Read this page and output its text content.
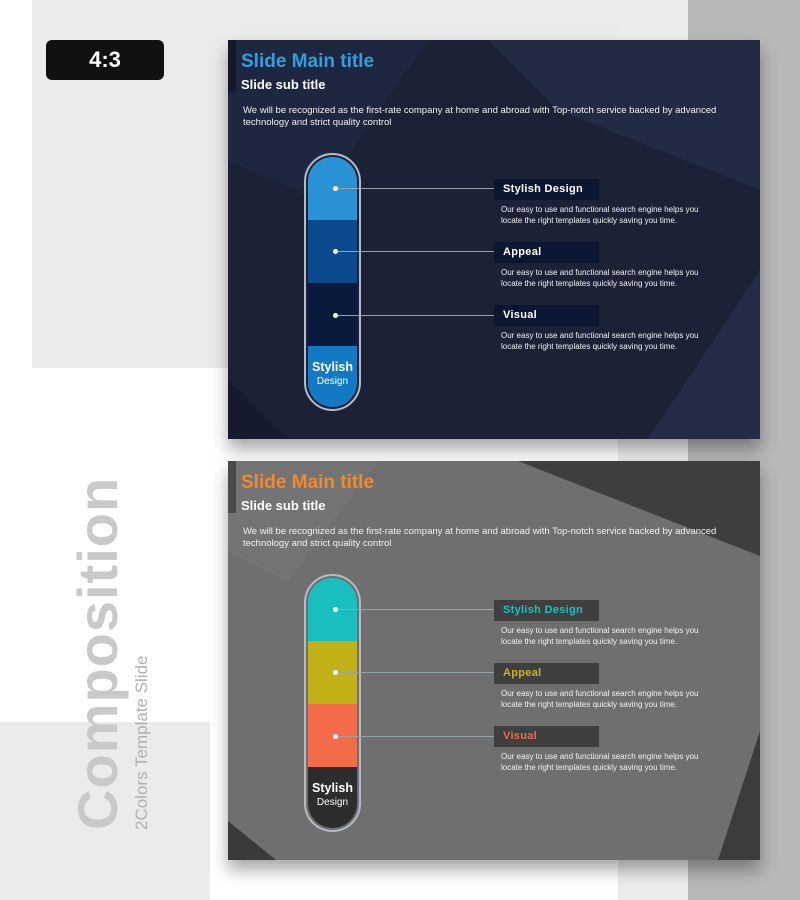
4:3
Composition 2Colors Template Slide
Slide Main title
Slide sub title
We will be recognized as the first-rate company at home and abroad with Top-notch service backed by advanced technology and strict quality control
Stylish
Design
Stylish Design
Our easy to use and functional search engine helps you locate the right templates quickly saving you time.
Appeal
Our easy to use and functional search engine helps you locate the right templates quickly saving you time.
Visual
Our easy to use and functional search engine helps you locate the right templates quickly saving you time.
Slide Main title
Slide sub title
We will be recognized as the first-rate company at home and abroad with Top-notch service backed by advanced technology and strict quality control
Stylish
Design
Stylish Design
Our easy to use and functional search engine helps you locate the right templates quickly saving you time.
Appeal
Our easy to use and functional search engine helps you locate the right templates quickly saving you time.
Visual
Our easy to use and functional search engine helps you locate the right templates quickly saving you time.
